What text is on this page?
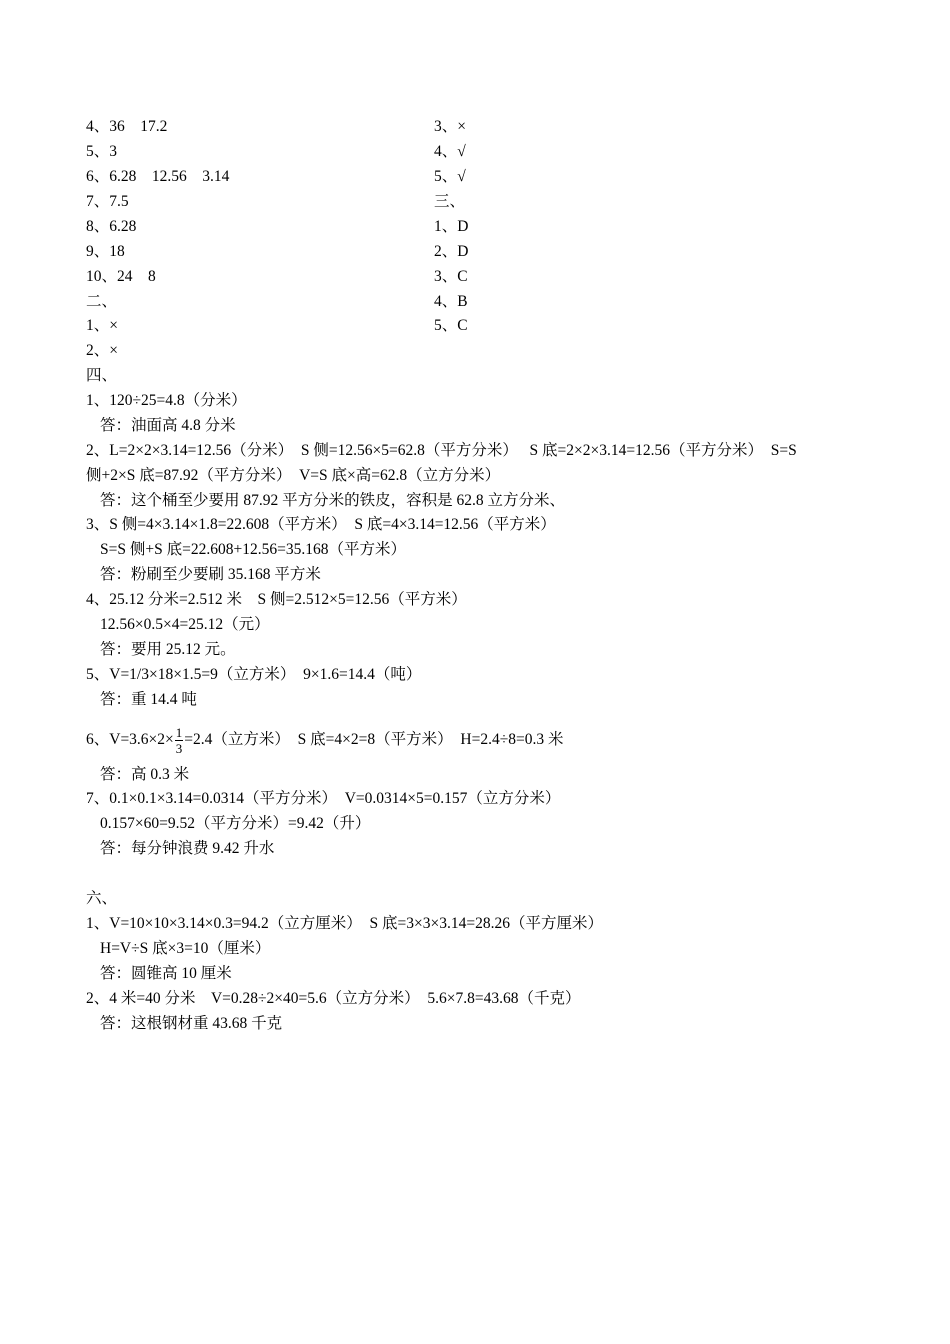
4、36　17.2
5、3
6、6.28　12.56　3.14
7、7.5
8、6.28
9、18
10、24　8
二、
1、×
2、×
3、×
4、√
5、√
三、
1、D
2、D
3、C
4、B
5、C
四、
1、120÷25=4.8（分米）
答：油面高 4.8 分米
2、L=2×2×3.14=12.56（分米）　S 侧=12.56×5=62.8（平方分米）　 S 底=2×2×3.14=12.56（平方分米）　S=S
侧+2×S 底=87.92（平方分米）　V=S 底×高=62.8（立方分米）
答：这个桶至少要用 87.92 平方分米的铁皮，容积是 62.8 立方分米、
3、S 侧=4×3.14×1.8=22.608（平方米）　S 底=4×3.14=12.56（平方米）
S=S 侧+S 底=22.608+12.56=35.168（平方米）
答：粉刷至少要刷 35.168 平方米
4、25.12 分米=2.512 米　S 侧=2.512×5=12.56（平方米）
12.56×0.5×4=25.12（元）
答：要用 25.12 元。
5、V=1/3×18×1.5=9（立方米）　9×1.6=14.4（吨）
答：重 14.4 吨
6、$V=3.6\times 2\times \frac{1}{3} =2.4$（立方米）　S 底=4×2=8（平方米）　H=2.4÷8=0.3 米
答：高 0.3 米
7、0.1×0.1×3.14=0.0314（平方分米）　V=0.0314×5=0.157（立方分米）
0.157×60=9.52（平方分米）=9.42（升）
答：每分钟浪费 9.42 升水
六、
1、V=10×10×3.14×0.3=94.2（立方厘米）　S 底=3×3×3.14=28.26（平方厘米）
H=V÷S 底×3=10（厘米）
答：圆锥高 10 厘米
2、4 米=40 分米　V=0.28÷2×40=5.6（立方分米）　5.6×7.8=43.68（千克）
答：这根钢材重 43.68 千克
